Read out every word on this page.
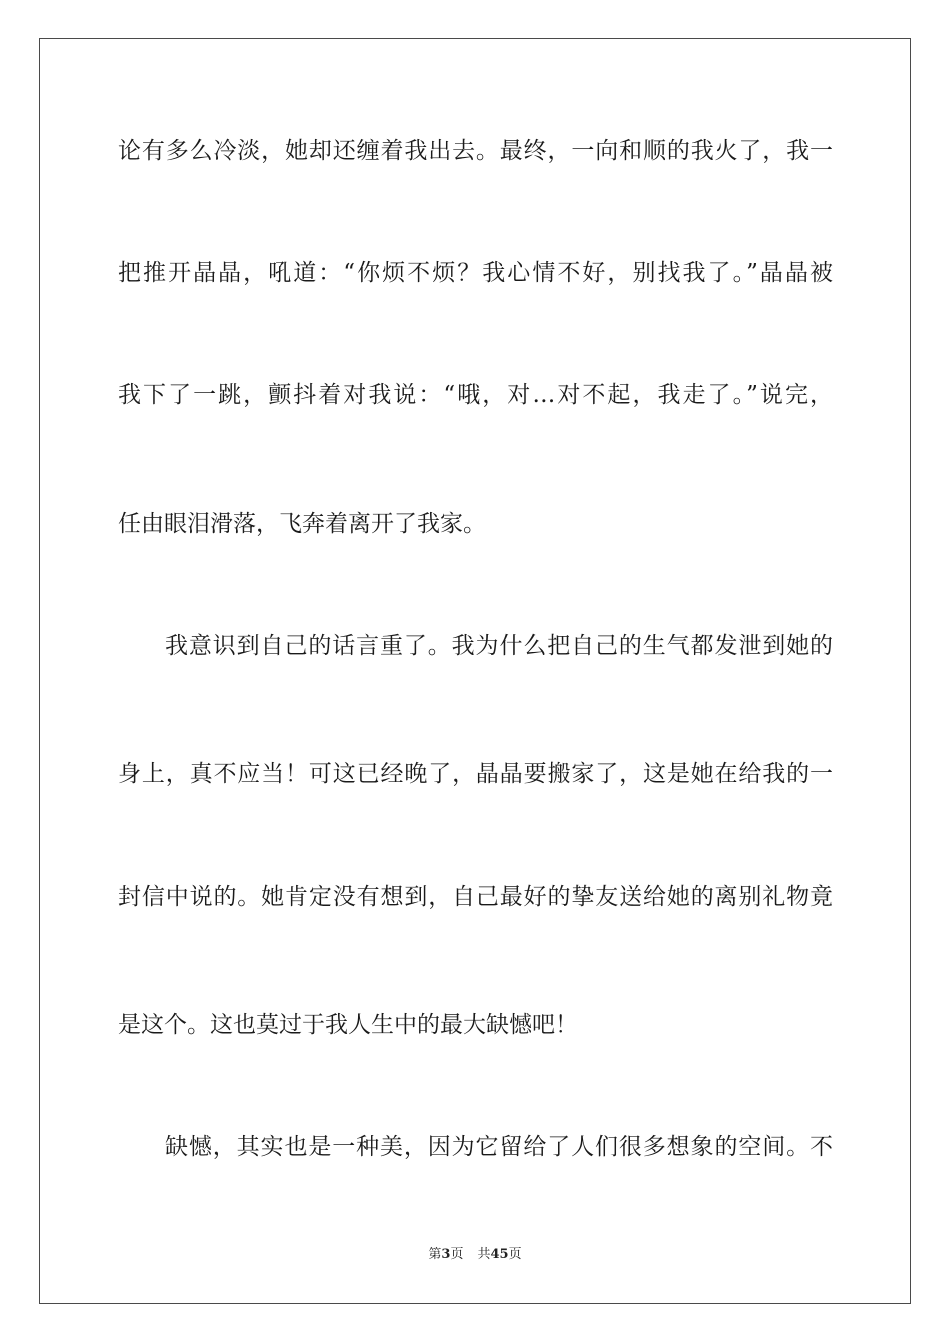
论有多么冷淡，她却还缠着我出去。最终，一向和顺的我火了，我一
把推开晶晶，吼道：“你烦不烦？我心情不好，别找我了。”晶晶被
我下了一跳，颤抖着对我说：“哦，对…对不起，我走了。”说完，
任由眼泪滑落，飞奔着离开了我家。
我意识到自己的话言重了。我为什么把自己的生气都发泄到她的
身上，真不应当！可这已经晚了，晶晶要搬家了，这是她在给我的一
封信中说的。她肯定没有想到，自己最好的挚友送给她的离别礼物竟
是这个。这也莫过于我人生中的最大缺憾吧！
缺憾，其实也是一种美，因为它留给了人们很多想象的空间。不
第3页 共45页
